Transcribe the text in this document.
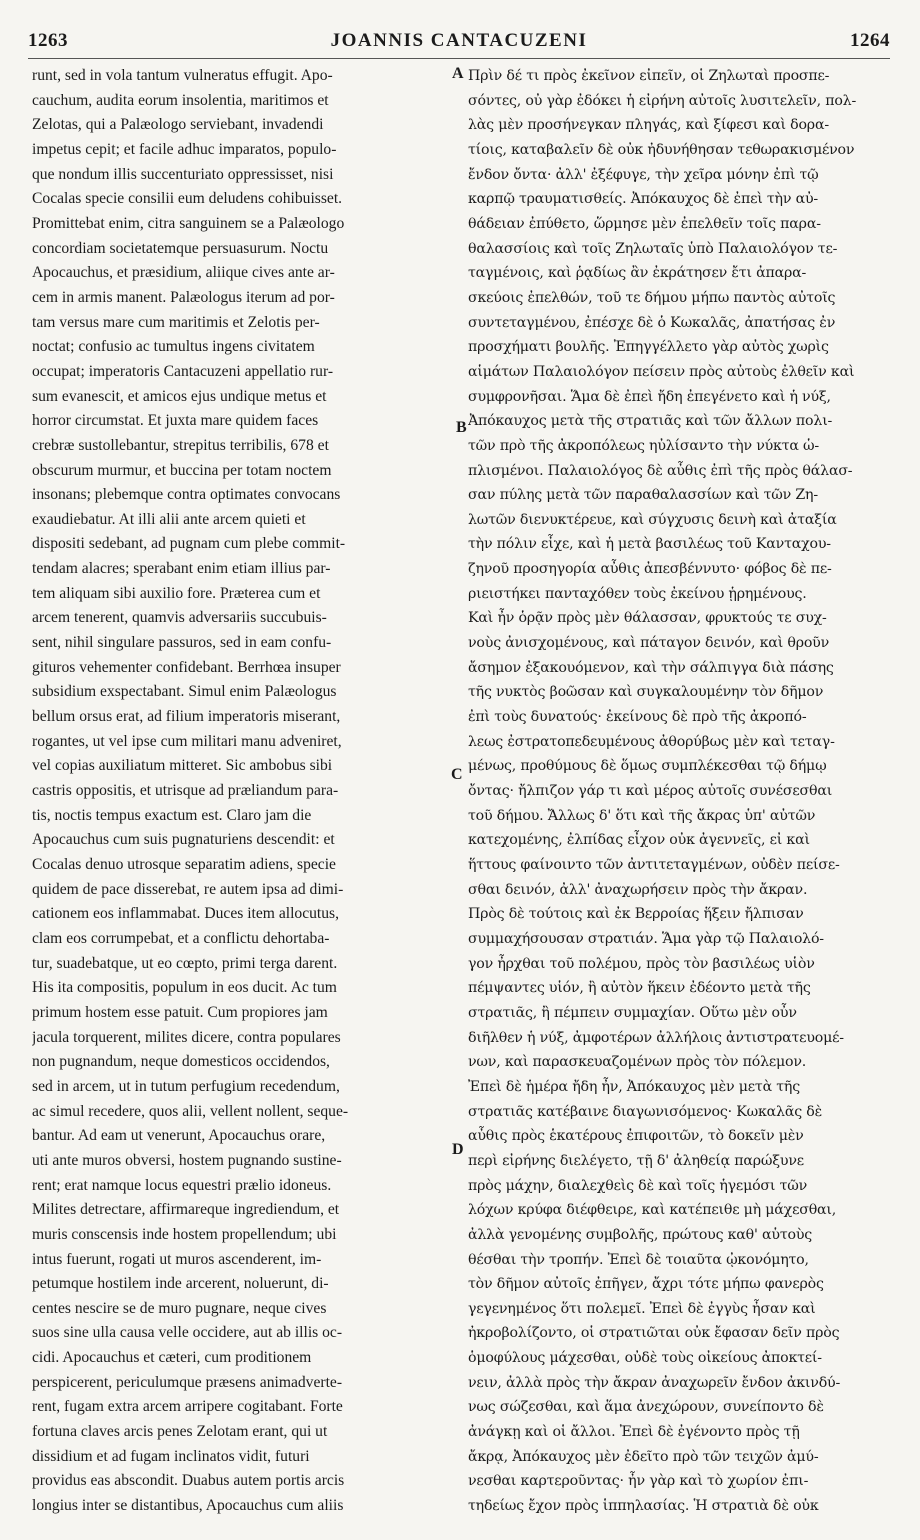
1263	JOANNIS CANTACUZENI	1264
runt, sed in vola tantum vulneratus effugit. Apo-
cauchum, audita eorum insolentia, maritimos et
Zelotas, qui a Palæologo serviebant, invadendi
impetus cepit; et facile adhuc imparatos, populo-
que nondum illis succenturiato oppressisset, nisi
Cocalas specie consilii eum deludens cohibuisset.
Promittebat enim, citra sanguinem se a Palæologo
concordiam societatemque persuasurum. Noctu
Apocauchus, et præsidium, aliique cives ante ar-
cem in armis manent. Palæologus iterum ad por-
tam versus mare cum maritimis et Zelotis per-
noctat; confusio ac tumultus ingens civitatem
occupat; imperatoris Cantacuzeni appellatio rur-
sum evanescit, et amicos ejus undique metus et
horror circumstat. Et juxta mare quidem faces
crebræ sustollebantur, strepitus terribilis, 678 et
obscurum murmur, et buccina per totam noctem
insonans; plebemque contra optimates convocans
exaudiebatur. At illi alii ante arcem quieti et
dispositi sedebant, ad pugnam cum plebe commit-
tendam alacres; sperabant enim etiam illius par-
tem aliquam sibi auxilio fore. Præterea cum et
arcem tenerent, quamvis adversariis succubuis-
sent, nihil singulare passuros, sed in eam confu-
gituros vehementer confidebant. Berrhœa insuper
subsidium exspectabant. Simul enim Palæologus
bellum orsus erat, ad filium imperatoris miserant,
rogantes, ut vel ipse cum militari manu adveniret,
vel copias auxiliatum mitteret. Sic ambobus sibi
castris oppositis, et utrisque ad præliandum para-
tis, noctis tempus exactum est. Claro jam die
Apocauchus cum suis pugnaturiens descendit: et
Cocalas denuo utrosque separatim adiens, specie
quidem de pace disserebat, re autem ipsa ad dimi-
cationem eos inflammabat. Duces item allocutus,
clam eos corrumpebat, et a conflictu dehortaba-
tur, suadebatque, ut eo cœpto, primi terga darent.
His ita compositis, populum in eos ducit. Ac tum
primum hostem esse patuit. Cum propiores jam
jacula torquerent, milites dicere, contra populares
non pugnandum, neque domesticos occidendos,
sed in arcem, ut in tutum perfugium recedendum,
ac simul recedere, quos alii, vellent nollent, seque-
bantur. Ad eam ut venerunt, Apocauchus orare,
uti ante muros obversi, hostem pugnando sustine-
rent; erat namque locus equestri prælio idoneus.
Milites detrectare, affirmareque ingrediendum, et
muris conscensis inde hostem propellendum; ubi
intus fuerunt, rogati ut muros ascenderent, im-
petumque hostilem inde arcerent, noluerunt, di-
centes nescire se de muro pugnare, neque cives
suos sine ulla causa velle occidere, aut ab illis oc-
cidi. Apocauchus et cæteri, cum proditionem
perspicerent, periculumque præsens animadverte-
rent, fugam extra arcem arripere cogitabant. Forte
fortuna claves arcis penes Zelotam erant, qui ut
dissidium et ad fugam inclinatos vidit, futuri
providus eas abscondit. Duabus autem portis arcis
longius inter se distantibus, Apocauchus cum aliis
Πρὶν δέ τι πρὸς ἐκεῖνον εἰπεῖν, οἱ Ζηλωταὶ προσπε-
σόντες, οὐ γὰρ ἐδόκει ἡ εἰρήνη αὐτοῖς λυσιτελεῖν, πολ-
λὰς μὲν προσήνεγκαν πληγάς, καὶ ξίφεσι καὶ δορα-
τίοις, καταβαλεῖν δὲ οὐκ ἠδυνήθησαν τεθωρακισμένον
ἔνδον ὄντα· ἀλλ' ἐξέφυγε, τὴν χεῖρα μόνην ἐπὶ τῷ
καρπῷ τραυματισθείς. Ἀπόκαυχος δὲ ἐπεὶ τὴν αὐ-
θάδειαν ἐπύθετο, ὥρμησε μὲν ἐπελθεῖν τοῖς παρα-
θαλασσίοις καὶ τοῖς Ζηλωταῖς ὑπὸ Παλαιολόγον τε-
ταγμένοις, καὶ ῥᾳδίως ἂν ἐκράτησεν ἔτι ἀπαρα-
σκεύοις ἐπελθών, τοῦ τε δήμου μήπω παντὸς αὐτοῖς
συντεταγμένου, ἐπέσχε δὲ ὁ Κωκαλᾶς, ἀπατήσας ἐν
προσχήματι βουλῆς. Ἐπηγγέλλετο γὰρ αὐτὸς χωρὶς
αἱμάτων Παλαιολόγον πείσειν πρὸς αὐτοὺς ἐλθεῖν καὶ
συμφρονῆσαι. Ἅμα δὲ ἐπεὶ ἤδη ἐπεγένετο καὶ ἡ νύξ,
Ἀπόκαυχος μετὰ τῆς στρατιᾶς καὶ τῶν ἄλλων πολι-
τῶν πρὸ τῆς ἀκροπόλεως ηὐλίσαντο τὴν νύκτα ὡ-
πλισμένοι. Παλαιολόγος δὲ αὖθις ἐπὶ τῆς πρὸς θάλασ-
σαν πύλης μετὰ τῶν παραθαλασσίων καὶ τῶν Ζη-
λωτῶν διενυκτέρευε, καὶ σύγχυσις δεινὴ καὶ ἀταξία
τὴν πόλιν εἶχε, καὶ ἡ μετὰ βασιλέως τοῦ Κανταχου-
ζηνοῦ προσηγορία αὖθις ἀπεσβέννυτο· φόβος δὲ πε-
ριειστήκει πανταχόθεν τοὺς ἐκείνου ᾑρημένους.
Καὶ ἦν ὁρᾷν πρὸς μὲν θάλασσαν, φρυκτούς τε συχ-
νοὺς ἀνισχομένους, καὶ πάταγον δεινόν, καὶ θροῦν
ἄσημον ἐξακουόμενον, καὶ τὴν σάλπιγγα διὰ πάσης
τῆς νυκτὸς βοῶσαν καὶ συγκαλουμένην τὸν δῆμον
ἐπὶ τοὺς δυνατούς· ἐκείνους δὲ πρὸ τῆς ἀκροπό-
λεως ἐστρατοπεδευμένους ἀθορύβως μὲν καὶ τεταγ-
μένως, προθύμους δὲ ὅμως συμπλέκεσθαι τῷ δήμῳ
ὄντας· ἤλπιζον γάρ τι καὶ μέρος αὐτοῖς συνέσεσθαι
τοῦ δήμου. Ἄλλως δ' ὅτι καὶ τῆς ἄκρας ὑπ' αὐτῶν
κατεχομένης, ἐλπίδας εἶχον οὐκ ἀγεννεῖς, εἰ καὶ
ἥττους φαίνοιντο τῶν ἀντιτεταγμένων, οὐδὲν πείσε-
σθαι δεινόν, ἀλλ' ἀναχωρήσειν πρὸς τὴν ἄκραν.
Πρὸς δὲ τούτοις καὶ ἐκ Βερροίας ἥξειν ἤλπισαν
συμμαχήσουσαν στρατιάν. Ἅμα γὰρ τῷ Παλαιολό-
γον ἦρχθαι τοῦ πολέμου, πρὸς τὸν βασιλέως υἱὸν
πέμψαντες υἱόν, ἢ αὐτὸν ἥκειν ἐδέοντο μετὰ τῆς
στρατιᾶς, ἢ πέμπειν συμμαχίαν. Οὕτω μὲν οὖν
διῆλθεν ἡ νύξ, ἀμφοτέρων ἀλλήλοις ἀντιστρατευομέ-
νων, καὶ παρασκευαζομένων πρὸς τὸν πόλεμον.
Ἐπεὶ δὲ ἡμέρα ἤδη ἦν, Ἀπόκαυχος μὲν μετὰ τῆς
στρατιᾶς κατέβαινε διαγωνισόμενος· Κωκαλᾶς δὲ
αὖθις πρὸς ἑκατέρους ἐπιφοιτῶν, τὸ δοκεῖν μὲν
περὶ εἰρήνης διελέγετο, τῇ δ' ἀληθείᾳ παρώξυνε
πρὸς μάχην, διαλεχθεὶς δὲ καὶ τοῖς ἡγεμόσι τῶν
λόχων κρύφα διέφθειρε, καὶ κατέπειθε μὴ μάχεσθαι,
ἀλλὰ γενομένης συμβολῆς, πρώτους καθ' αὑτοὺς
θέσθαι τὴν τροπήν. Ἐπεὶ δὲ τοιαῦτα ᾠκονόμητο,
τὸν δῆμον αὐτοῖς ἐπῆγεν, ἄχρι τότε μήπω φανερὸς
γεγενημένος ὅτι πολεμεῖ. Ἐπεὶ δὲ ἐγγὺς ἦσαν καὶ
ἠκροβολίζοντο, οἱ στρατιῶται οὐκ ἔφασαν δεῖν πρὸς
ὁμοφύλους μάχεσθαι, οὐδὲ τοὺς οἰκείους ἀποκτεί-
νειν, ἀλλὰ πρὸς τὴν ἄκραν ἀναχωρεῖν ἔνδον ἀκινδύ-
νως σώζεσθαι, καὶ ἅμα ἀνεχώρουν, συνείποντο δὲ
ἀνάγκῃ καὶ οἱ ἄλλοι. Ἐπεὶ δὲ ἐγένοντο πρὸς τῇ
ἄκρᾳ, Ἀπόκαυχος μὲν ἐδεῖτο πρὸ τῶν τειχῶν ἀμύ-
νεσθαι καρτεροῦντας· ἦν γὰρ καὶ τὸ χωρίον ἐπι-
τηδείως ἔχον πρὸς ἱππηλασίας. Ἡ στρατιὰ δὲ οὐκ
A
B
C
D
